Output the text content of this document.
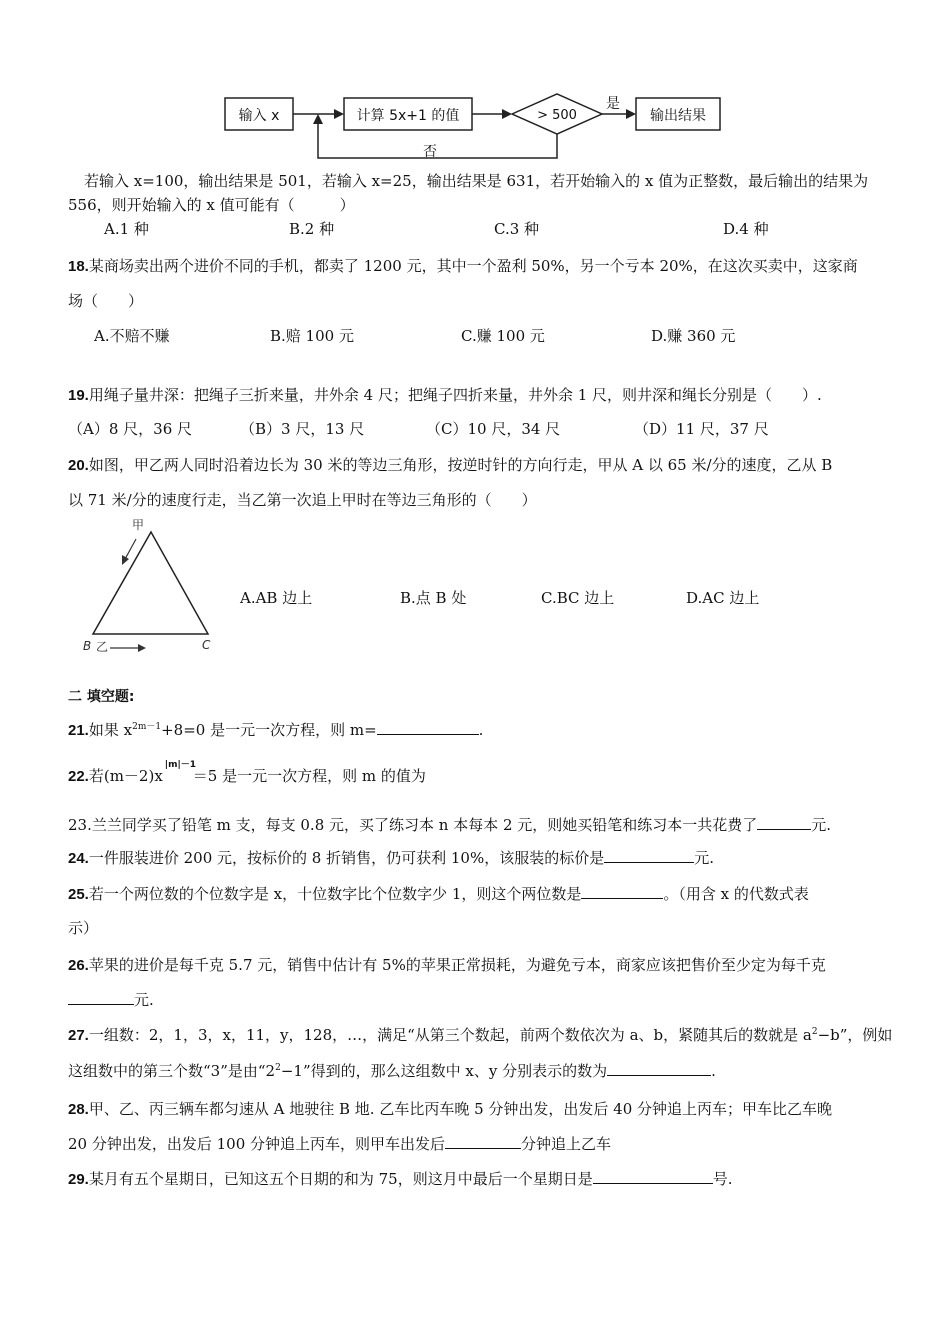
输入 x	计算 5x+1 的值	> 500
是
输出结果
否
若输入 x=100，输出结果是 501，若输入 x=25，输出结果是 631，若开始输入的 x 值为正整数，最后输出的结果为
556，则开始输入的 x 值可能有（　　　）
A.1 种	B.2 种	C.3 种	D.4 种
18.某商场卖出两个进价不同的手机，都卖了 1200 元，其中一个盈利 50%，另一个亏本 20%，在这次买卖中，这家商
场（　　）
A.不赔不赚	B.赔 100 元	C.赚 100 元	D.赚 360 元
19.用绳子量井深：把绳子三折来量，井外余 4 尺；把绳子四折来量，井外余 1 尺，则井深和绳长分别是（　　）.
（A）8 尺，36 尺	（B）3 尺，13 尺	（C）10 尺，34 尺	（D）11 尺，37 尺
20.如图，甲乙两人同时沿着边长为 30 米的等边三角形，按逆时针的方向行走，甲从 A 以 65 米/分的速度，乙从 B
以 71 米/分的速度行走，当乙第一次追上甲时在等边三角形的（　　）
甲
B 乙	C
A.AB 边上	B.点 B 处	C.BC 边上	D.AC 边上
二 填空题:
21.如果 $x^{2m-1}+8=0$ 是一元一次方程，则 m=	.
22.若(m－2)x
|m|－1
＝5 是一元一次方程，则 m 的值为
23.兰兰同学买了铅笔 m 支，每支 0.8 元，买了练习本 n 本每本 2 元，则她买铅笔和练习本一共花费了	元.
24.一件服装进价 200 元，按标价的 8 折销售，仍可获利 10%，该服装的标价是	元.
25.若一个两位数的个位数字是 x，十位数字比个位数字少 1，则这个两位数是	。（用含 x 的代数式表
示）
26.苹果的进价是每千克 5.7 元，销售中估计有 5%的苹果正常损耗，为避免亏本，商家应该把售价至少定为每千克
元.
27.一组数：2，1，3，x，11，y，128，…，满足“从第三个数起，前两个数依次为 a、b，紧随其后的数就是 $a^2-b$”，例如
这组数中的第三个数“3”是由“$2^2-1$”得到的，那么这组数中 x、y 分别表示的数为	.
28.甲、乙、丙三辆车都匀速从 A 地驶往 B 地. 乙车比丙车晚 5 分钟出发，出发后 40 分钟追上丙车；甲车比乙车晚
20 分钟出发，出发后 100 分钟追上丙车，则甲车出发后	分钟追上乙车
29.某月有五个星期日，已知这五个日期的和为 75，则这月中最后一个星期日是	号.
